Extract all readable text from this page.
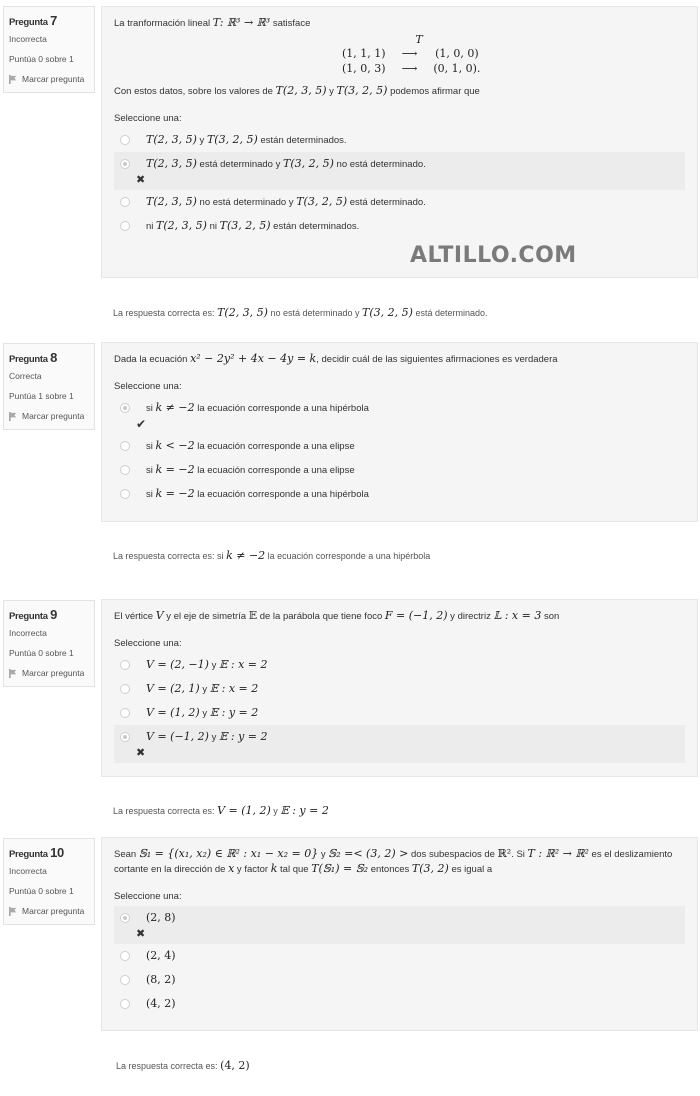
Pregunta 7
Incorrecta
Puntúa 0 sobre 1
Marcar pregunta
La tranformación lineal T: ℝ³ → ℝ³ satisface
T
(1, 1, 1)	⟶	(1, 0, 0)
(1, 0, 3)	⟶	(0, 1, 0).
Con estos datos, sobre los valores de T(2, 3, 5) y T(3, 2, 5) podemos afirmar que
Seleccione una:
T(2, 3, 5) y T(3, 2, 5) están determinados.
T(2, 3, 5) está determinado y T(3, 2, 5) no está determinado.
✖
T(2, 3, 5) no está determinado y T(3, 2, 5) está determinado.
ni T(2, 3, 5) ni T(3, 2, 5) están determinados.
ALTILLO.COM
La respuesta correcta es: T(2, 3, 5) no está determinado y T(3, 2, 5) está determinado.
Pregunta 8
Correcta
Puntúa 1 sobre 1
Marcar pregunta
Dada la ecuación x² − 2y² + 4x − 4y = k, decidir cuál de las siguientes afirmaciones es verdadera
Seleccione una:
si k ≠ −2 la ecuación corresponde a una hipérbola
✔
si k < −2 la ecuación corresponde a una elipse
si k = −2 la ecuación corresponde a una elipse
si k = −2 la ecuación corresponde a una hipérbola
La respuesta correcta es: si k ≠ −2 la ecuación corresponde a una hipérbola
Pregunta 9
Incorrecta
Puntúa 0 sobre 1
Marcar pregunta
El vértice V y el eje de simetría 𝔼 de la parábola que tiene foco F = (−1, 2) y directriz 𝕃 : x = 3 son
Seleccione una:
V = (2, −1) y 𝔼 : x = 2
V = (2, 1) y 𝔼 : x = 2
V = (1, 2) y 𝔼 : y = 2
V = (−1, 2) y 𝔼 : y = 2
✖
La respuesta correcta es: V = (1, 2) y 𝔼 : y = 2
Pregunta 10
Incorrecta
Puntúa 0 sobre 1
Marcar pregunta
Sean 𝕊₁ = {(x₁, x₂) ∈ ℝ² : x₁ − x₂ = 0} y 𝕊₂ =< (3, 2) > dos subespacios de ℝ². Si T : ℝ² → ℝ² es el deslizamiento cortante en la dirección de x y factor k tal que T(𝕊₁) = 𝕊₂ entonces T(3, 2) es igual a
Seleccione una:
(2, 8)
✖
(2, 4)
(8, 2)
(4, 2)
La respuesta correcta es: (4, 2)
